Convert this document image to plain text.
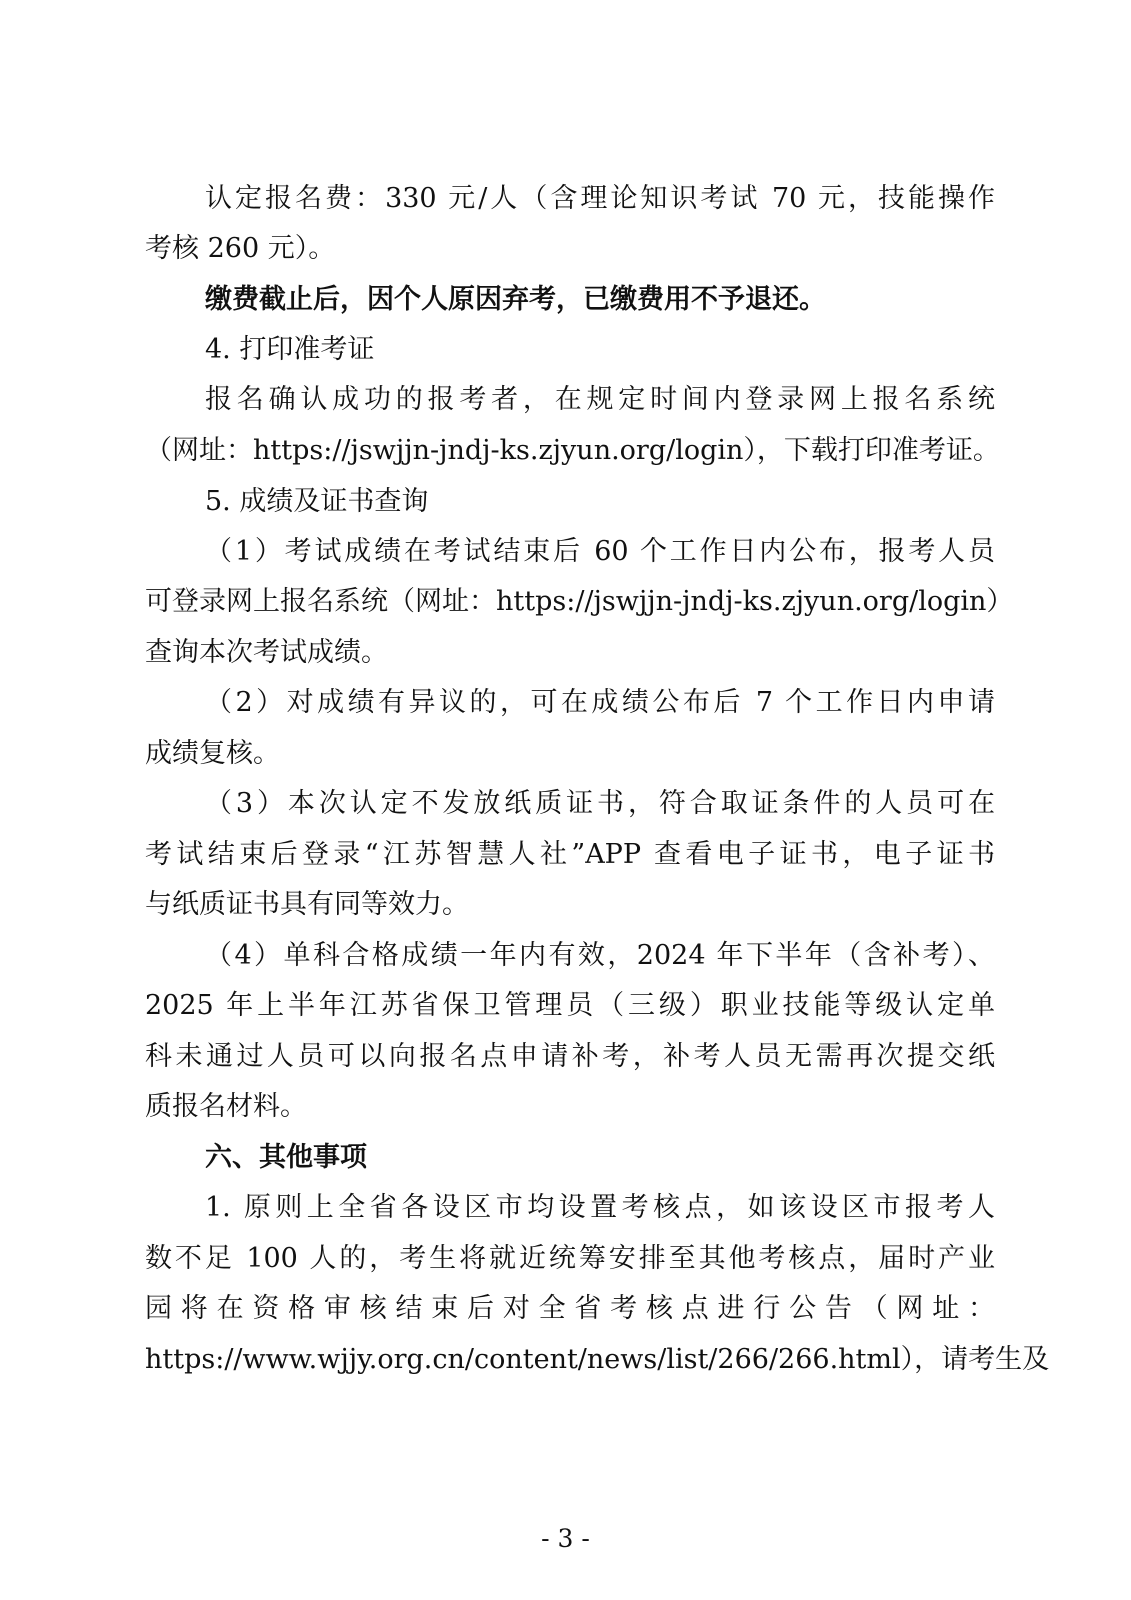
认定报名费：330 元/人（含理论知识考试 70 元，技能操作
考核 260 元）。
缴费截止后，因个人原因弃考，已缴费用不予退还。
4. 打印准考证
报名确认成功的报考者，在规定时间内登录网上报名系统
（网址：https://jswjjn-jndj-ks.zjyun.org/login），下载打印准考证。
5. 成绩及证书查询
（1）考试成绩在考试结束后 60 个工作日内公布，报考人员
可登录网上报名系统（网址：https://jswjjn-jndj-ks.zjyun.org/login）
查询本次考试成绩。
（2）对成绩有异议的，可在成绩公布后 7 个工作日内申请
成绩复核。
（3）本次认定不发放纸质证书，符合取证条件的人员可在
考试结束后登录“江苏智慧人社”APP 查看电子证书，电子证书
与纸质证书具有同等效力。
（4）单科合格成绩一年内有效，2024 年下半年（含补考）、
2025 年上半年江苏省保卫管理员（三级）职业技能等级认定单
科未通过人员可以向报名点申请补考，补考人员无需再次提交纸
质报名材料。
六、其他事项
1. 原则上全省各设区市均设置考核点，如该设区市报考人
数不足 100 人的，考生将就近统筹安排至其他考核点，届时产业
园将在资格审核结束后对全省考核点进行公告（网址：
https://www.wjjy.org.cn/content/news/list/266/266.html），请考生及
- 3 -
